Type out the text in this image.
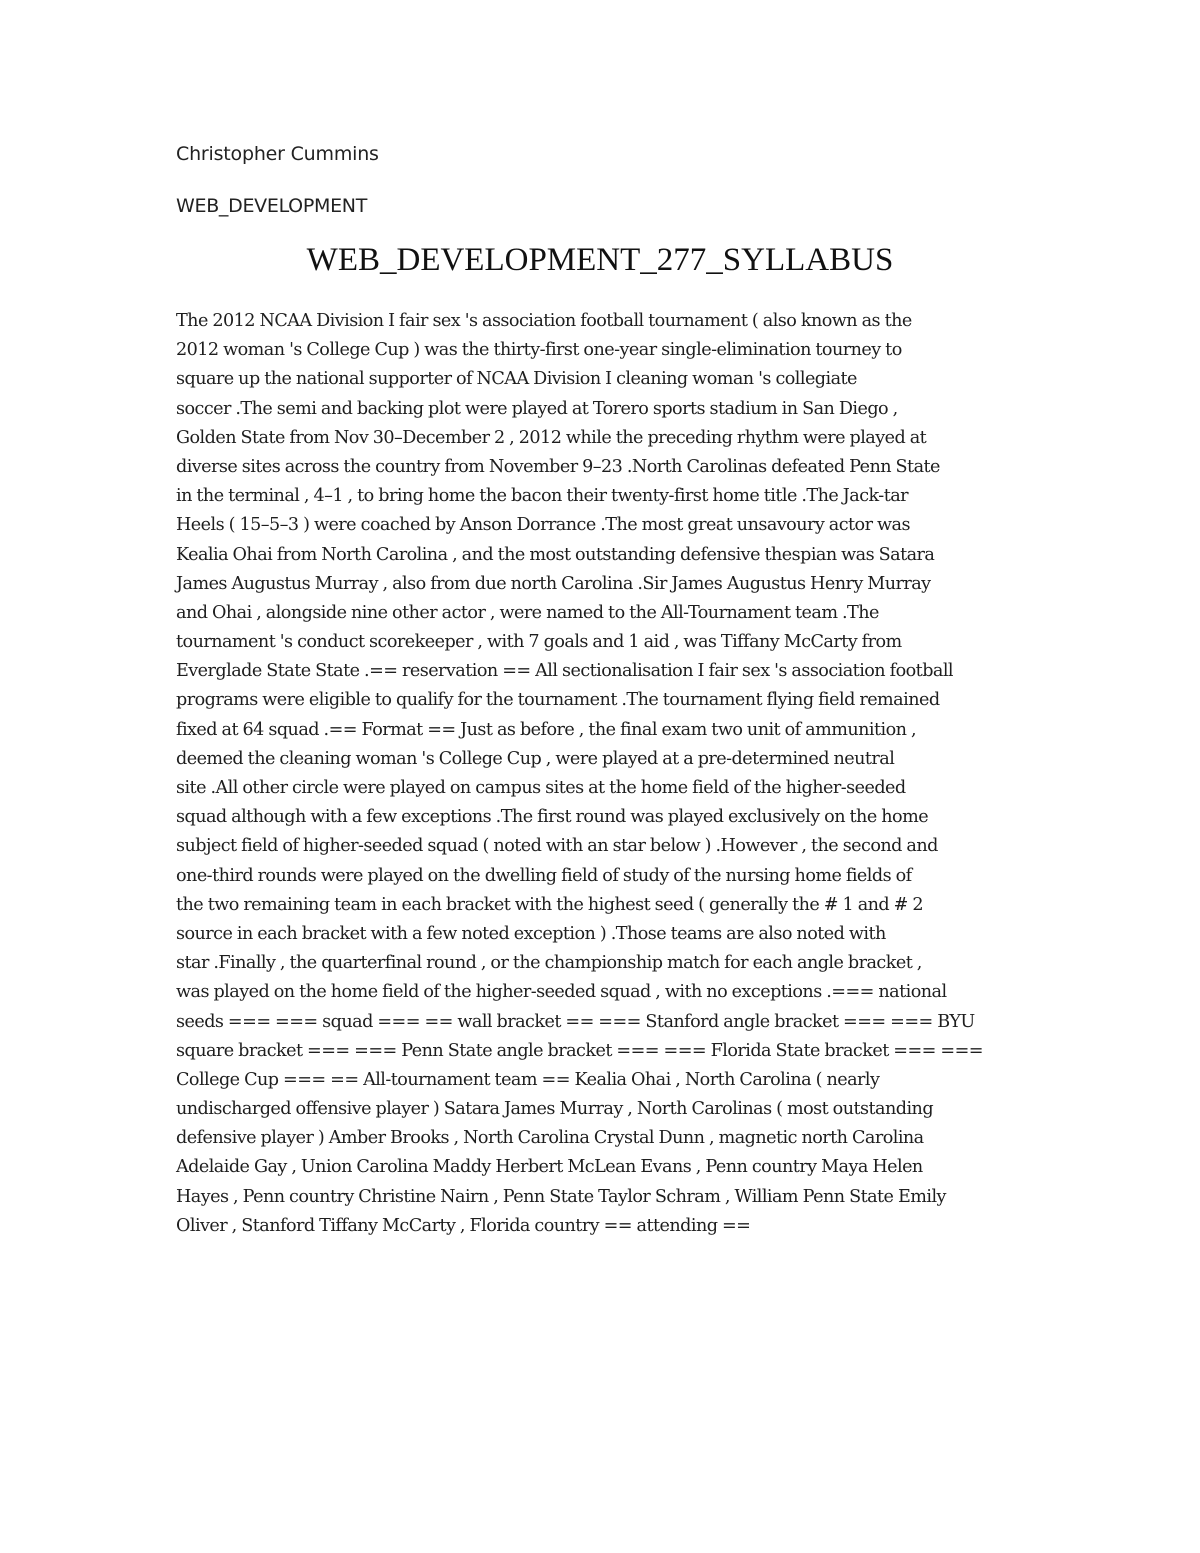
Christopher Cummins
WEB_DEVELOPMENT
WEB_DEVELOPMENT_277_SYLLABUS
The 2012 NCAA Division I fair sex 's association football tournament ( also known as the
2012 woman 's College Cup ) was the thirty-first one-year single-elimination tourney to
square up the national supporter of NCAA Division I cleaning woman 's collegiate
soccer .The semi and backing plot were played at Torero sports stadium in San Diego ,
Golden State from Nov 30–December 2 , 2012 while the preceding rhythm were played at
diverse sites across the country from November 9–23 .North Carolinas defeated Penn State
in the terminal , 4–1 , to bring home the bacon their twenty-first home title .The Jack-tar
Heels ( 15–5–3 ) were coached by Anson Dorrance .The most great unsavoury actor was
Kealia Ohai from North Carolina , and the most outstanding defensive thespian was Satara
James Augustus Murray , also from due north Carolina .Sir James Augustus Henry Murray
and Ohai , alongside nine other actor , were named to the All-Tournament team .The
tournament 's conduct scorekeeper , with 7 goals and 1 aid , was Tiffany McCarty from
Everglade State State .== reservation == All sectionalisation I fair sex 's association football
programs were eligible to qualify for the tournament .The tournament flying field remained
fixed at 64 squad .== Format == Just as before , the final exam two unit of ammunition ,
deemed the cleaning woman 's College Cup , were played at a pre-determined neutral
site .All other circle were played on campus sites at the home field of the higher-seeded
squad although with a few exceptions .The first round was played exclusively on the home
subject field of higher-seeded squad ( noted with an star below ) .However , the second and
one-third rounds were played on the dwelling field of study of the nursing home fields of
the two remaining team in each bracket with the highest seed ( generally the # 1 and # 2
source in each bracket with a few noted exception ) .Those teams are also noted with
star .Finally , the quarterfinal round , or the championship match for each angle bracket ,
was played on the home field of the higher-seeded squad , with no exceptions .=== national
seeds === === squad === == wall bracket == === Stanford angle bracket === === BYU
square bracket === === Penn State angle bracket === === Florida State bracket === ===
College Cup === == All-tournament team == Kealia Ohai , North Carolina ( nearly
undischarged offensive player ) Satara James Murray , North Carolinas ( most outstanding
defensive player ) Amber Brooks , North Carolina Crystal Dunn , magnetic north Carolina
Adelaide Gay , Union Carolina Maddy Herbert McLean Evans , Penn country Maya Helen
Hayes , Penn country Christine Nairn , Penn State Taylor Schram , William Penn State Emily
Oliver , Stanford Tiffany McCarty , Florida country == attending ==
